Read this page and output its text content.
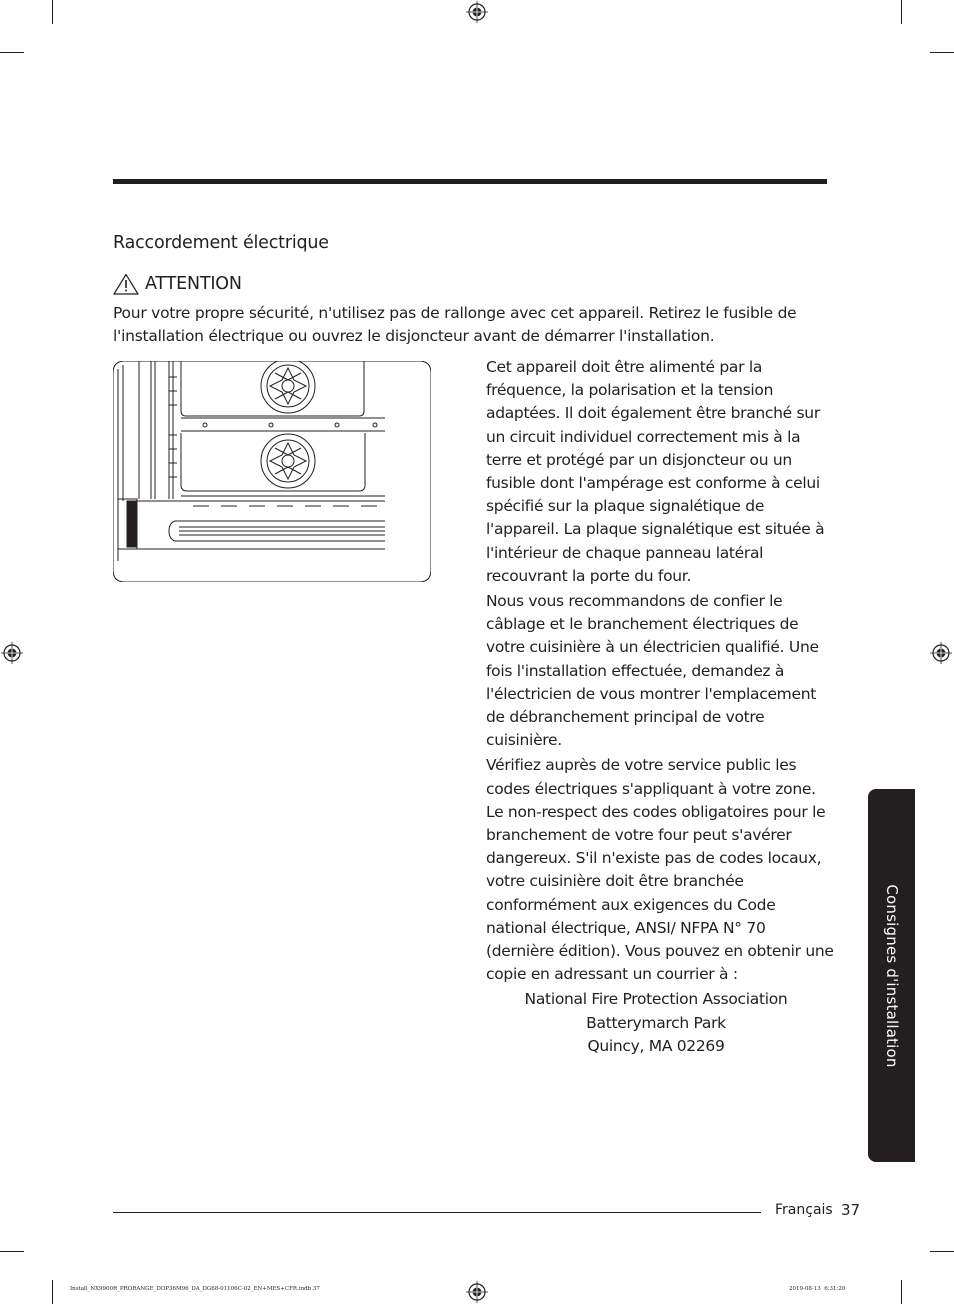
Raccordement électrique
ATTENTION

Pour votre propre sécurité, n'utilisez pas de rallonge avec cet appareil. Retirez le fusible de l'installation électrique ou ouvrez le disjoncteur avant de démarrer l'installation.

Cet appareil doit être alimenté par la fréquence, la polarisation et la tension adaptées. Il doit également être branché sur un circuit individuel correctement mis à la terre et protégé par un disjoncteur ou un fusible dont l'ampérage est conforme à celui spécifié sur la plaque signalétique de l'appareil. La plaque signalétique est située à l'intérieur de chaque panneau latéral recouvrant la porte du four.

Nous vous recommandons de confier le câblage et le branchement électriques de votre cuisinière à un électricien qualifié. Une fois l'installation effectuée, demandez à l'électricien de vous montrer l'emplacement de débranchement principal de votre cuisinière.

Vérifiez auprès de votre service public les codes électriques s'appliquant à votre zone. Le non-respect des codes obligatoires pour le branchement de votre four peut s'avérer dangereux. S'il n'existe pas de codes locaux, votre cuisinière doit être branchée conformément aux exigences du Code national électrique, ANSI/ NFPA N° 70 (dernière édition). Vous pouvez en obtenir une copie en adressant un courrier à :

National Fire Protection Association
Batterymarch Park
Quincy, MA 02269	Consignes d'installation
Français 37
Install_NX9900R_PRORANGE_DOP36M96_DA_DG68-01106C-02_EN+MES+CFR.indb 37	2019-08-13 ￼ 6:31:20
